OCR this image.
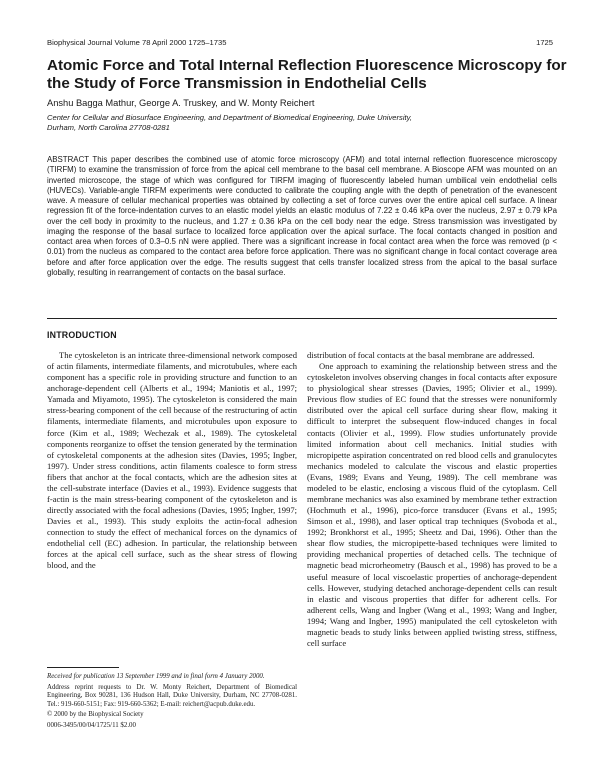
Biophysical Journal Volume 78 April 2000 1725–1735	1725
Atomic Force and Total Internal Reflection Fluorescence Microscopy for the Study of Force Transmission in Endothelial Cells
Anshu Bagga Mathur, George A. Truskey, and W. Monty Reichert
Center for Cellular and Biosurface Engineering, and Department of Biomedical Engineering, Duke University,
Durham, North Carolina 27708-0281

ABSTRACT This paper describes the combined use of atomic force microscopy (AFM) and total internal reflection fluorescence microscopy (TIRFM) to examine the transmission of force from the apical cell membrane to the basal cell membrane. A Bioscope AFM was mounted on an inverted microscope, the stage of which was configured for TIRFM imaging of fluorescently labeled human umbilical vein endothelial cells (HUVECs). Variable-angle TIRFM experiments were conducted to calibrate the coupling angle with the depth of penetration of the evanescent wave. A measure of cellular mechanical properties was obtained by collecting a set of force curves over the entire apical cell surface. A linear regression fit of the force-indentation curves to an elastic model yields an elastic modulus of 7.22 ± 0.46 kPa over the nucleus, 2.97 ± 0.79 kPa over the cell body in proximity to the nucleus, and 1.27 ± 0.36 kPa on the cell body near the edge. Stress transmission was investigated by imaging the response of the basal surface to localized force application over the apical surface. The focal contacts changed in position and contact area when forces of 0.3–0.5 nN were applied. There was a significant increase in focal contact area when the force was removed (p < 0.01) from the nucleus as compared to the contact area before force application. There was no significant change in focal contact coverage area before and after force application over the edge. The results suggest that cells transfer localized stress from the apical to the basal surface globally, resulting in rearrangement of contacts on the basal surface.

INTRODUCTION

The cytoskeleton is an intricate three-dimensional network composed of actin filaments, intermediate filaments, and microtubules, where each component has a specific role in providing structure and function to an anchorage-dependent cell (Alberts et al., 1994; Maniotis et al., 1997; Yamada and Miyamoto, 1995). The cytoskeleton is considered the main stress-bearing component of the cell because of the restructuring of actin filaments, intermediate filaments, and microtubules upon exposure to force (Kim et al., 1989; Wechezak et al., 1989). The cytoskeletal components reorganize to offset the tension generated by the termination of cytoskeletal components at the adhesion sites (Davies, 1995; Ingber, 1997). Under stress conditions, actin filaments coalesce to form stress fibers that anchor at the focal contacts, which are the adhesion sites at the cell-substrate interface (Davies et al., 1993). Evidence suggests that f-actin is the main stress-bearing component of the cytoskeleton and is directly associated with the focal adhesions (Davies, 1995; Ingber, 1997; Davies et al., 1993). This study exploits the actin-focal adhesion connection to study the effect of mechanical forces on the dynamics of endothelial cell (EC) adhesion. In particular, the relationship between forces at the apical cell surface, such as the shear stress of flowing blood, and the

distribution of focal contacts at the basal membrane are addressed.

One approach to examining the relationship between stress and the cytoskeleton involves observing changes in focal contacts after exposure to physiological shear stresses (Davies, 1995; Olivier et al., 1999). Previous flow studies of EC found that the stresses were nonuniformly distributed over the apical cell surface during shear flow, making it difficult to interpret the subsequent flow-induced changes in focal contacts (Olivier et al., 1999). Flow studies unfortunately provide limited information about cell mechanics. Initial studies with micropipette aspiration concentrated on red blood cells and granulocytes mechanics modeled to calculate the viscous and elastic properties (Evans, 1989; Evans and Yeung, 1989). The cell membrane was modeled to be elastic, enclosing a viscous fluid of the cytoplasm. Cell membrane mechanics was also examined by membrane tether extraction (Hochmuth et al., 1996), pico-force transducer (Evans et al., 1995; Simson et al., 1998), and laser optical trap techniques (Svoboda et al., 1992; Bronkhorst et al., 1995; Sheetz and Dai, 1996). Other than the shear flow studies, the micropipette-based techniques were limited to providing mechanical properties of detached cells. The technique of magnetic bead microrheometry (Bausch et al., 1998) has proved to be a useful measure of local viscoelastic properties of anchorage-dependent cells. However, studying detached anchorage-dependent cells can result in elastic and viscous properties that differ for adherent cells. For adherent cells, Wang and Ingber (Wang et al., 1993; Wang and Ingber, 1994; Wang and Ingber, 1995) manipulated the cell cytoskeleton with magnetic beads to study links between applied twisting stress, stiffness, cell surface

Received for publication 13 September 1999 and in final form 4 January 2000.
Address reprint requests to Dr. W. Monty Reichert, Department of Biomedical Engineering, Box 90281, 136 Hudson Hall, Duke University, Durham, NC 27708-0281. Tel.: 919-660-5151; Fax: 919-660-5362; E-mail: reichert@acpub.duke.edu.
© 2000 by the Biophysical Society
0006-3495/00/04/1725/11 $2.00
